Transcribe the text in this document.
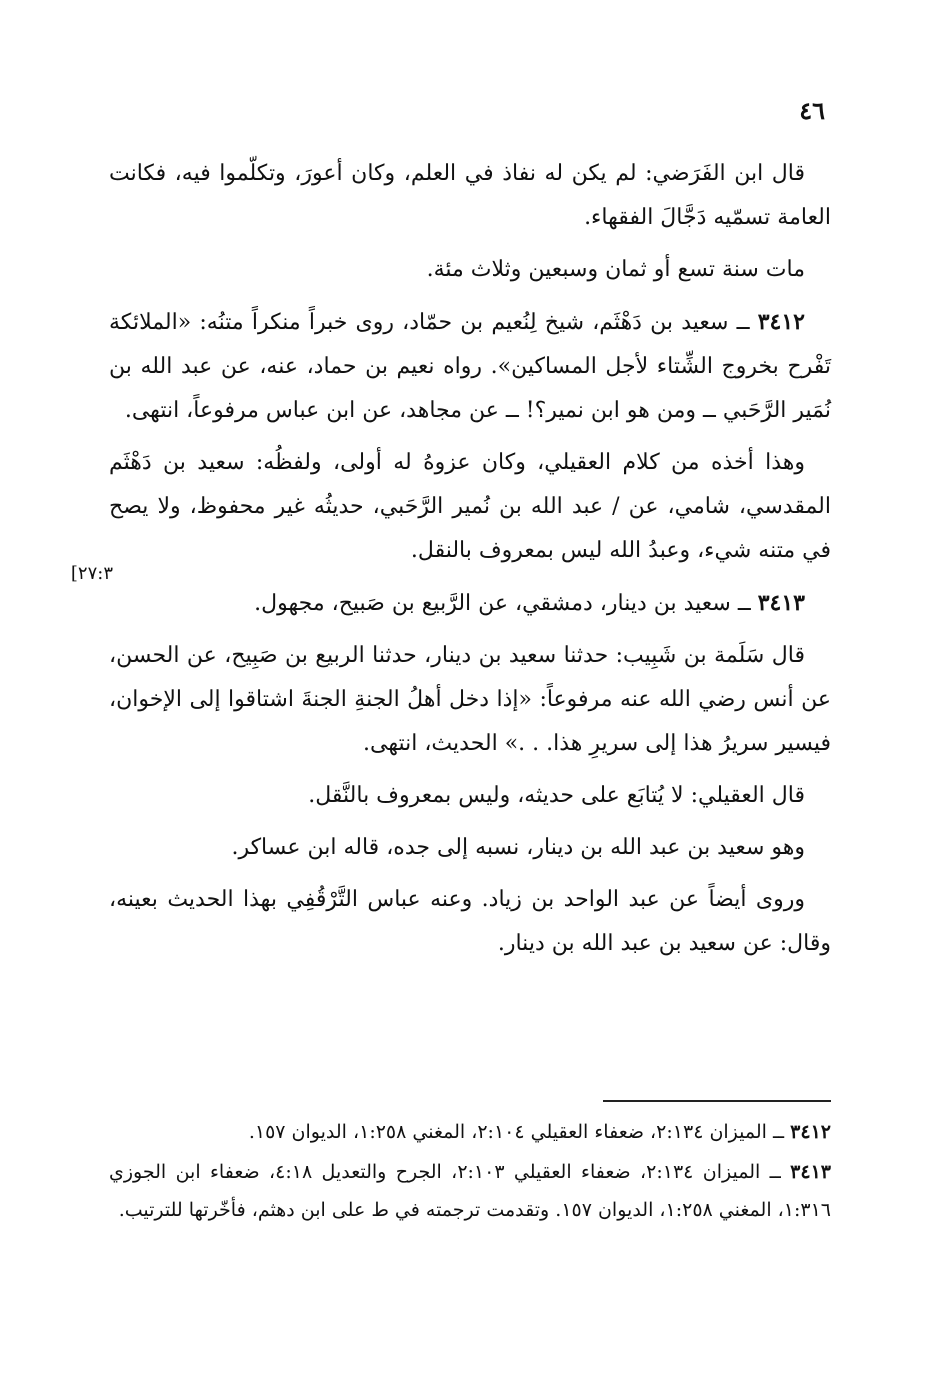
٤٦
[٢٧:٣

قال ابن الفَرَضي: لم يكن له نفاذ في العلم، وكان أعورَ، وتكلّموا فيه، فكانت العامة تسمّيه دَجَّالَ الفقهاء.

مات سنة تسع أو ثمان وسبعين وثلاث مئة.

٣٤١٢ ــ سعيد بن دَهْثَم، شيخ لِنُعيم بن حمّاد، روى خبراً منكراً متنُه: «الملائكة تَفْرح بخروج الشِّتاء لأجل المساكين». رواه نعيم بن حماد، عنه، عن عبد الله بن نُمَير الرَّحَبي ــ ومن هو ابن نمير؟! ــ عن مجاهد، عن ابن عباس مرفوعاً، انتهى.

وهذا أخذه من كلام العقيلي، وكان عزوهُ له أولى، ولفظُه: سعيد بن دَهْثَم المقدسي، شامي، عن / عبد الله بن نُمير الرَّحَبي، حديثُه غير محفوظ، ولا يصح في متنه شيء، وعبدُ الله ليس بمعروف بالنقل.

٣٤١٣ ــ سعيد بن دينار، دمشقي، عن الرَّبيع بن صَبيح، مجهول.

قال سَلَمة بن شَبِيب: حدثنا سعيد بن دينار، حدثنا الربيع بن صَبِيح، عن الحسن، عن أنس رضي الله عنه مرفوعاً: «إذا دخل أهلُ الجنةِ الجنةَ اشتاقوا إلى الإخوان، فيسير سريرُ هذا إلى سريرِ هذا. . .» الحديث، انتهى.

قال العقيلي: لا يُتابَع على حديثه، وليس بمعروف بالنَّقل.

وهو سعيد بن عبد الله بن دينار، نسبه إلى جده، قاله ابن عساكر.

وروى أيضاً عن عبد الواحد بن زياد. وعنه عباس التَّرْقُفِي بهذا الحديث بعينه، وقال: عن سعيد بن عبد الله بن دينار.

٣٤١٢ ــ الميزان ٢:١٣٤، ضعفاء العقيلي ٢:١٠٤، المغني ١:٢٥٨، الديوان ١٥٧.

٣٤١٣ ــ الميزان ٢:١٣٤، ضعفاء العقيلي ٢:١٠٣، الجرح والتعديل ٤:١٨، ضعفاء ابن الجوزي ١:٣١٦، المغني ١:٢٥٨، الديوان ١٥٧. وتقدمت ترجمته في ط على ابن دهثم، فأخّرتها للترتيب.
